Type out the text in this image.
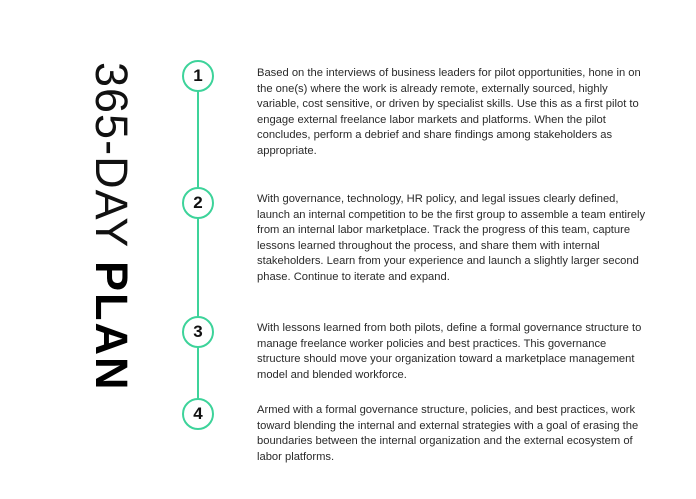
365-DAY PLAN
1
2
3
4
Based on the interviews of business leaders for pilot opportunities, hone in on the one(s) where the work is already remote, externally sourced, highly variable, cost sensitive, or driven by specialist skills. Use this as a first pilot to engage external freelance labor markets and platforms. When the pilot concludes, perform a debrief and share findings among stakeholders as appropriate.
With governance, technology, HR policy, and legal issues clearly defined, launch an internal competition to be the first group to assemble a team entirely from an internal labor marketplace. Track the progress of this team, capture lessons learned throughout the process, and share them with internal stakeholders. Learn from your experience and launch a slightly larger second phase. Continue to iterate and expand.
With lessons learned from both pilots, define a formal governance structure to manage freelance worker policies and best practices. This governance structure should move your organization toward a marketplace management model and blended workforce.
Armed with a formal governance structure, policies, and best practices, work toward blending the internal and external strategies with a goal of erasing the boundaries between the internal organization and the external ecosystem of labor platforms.
